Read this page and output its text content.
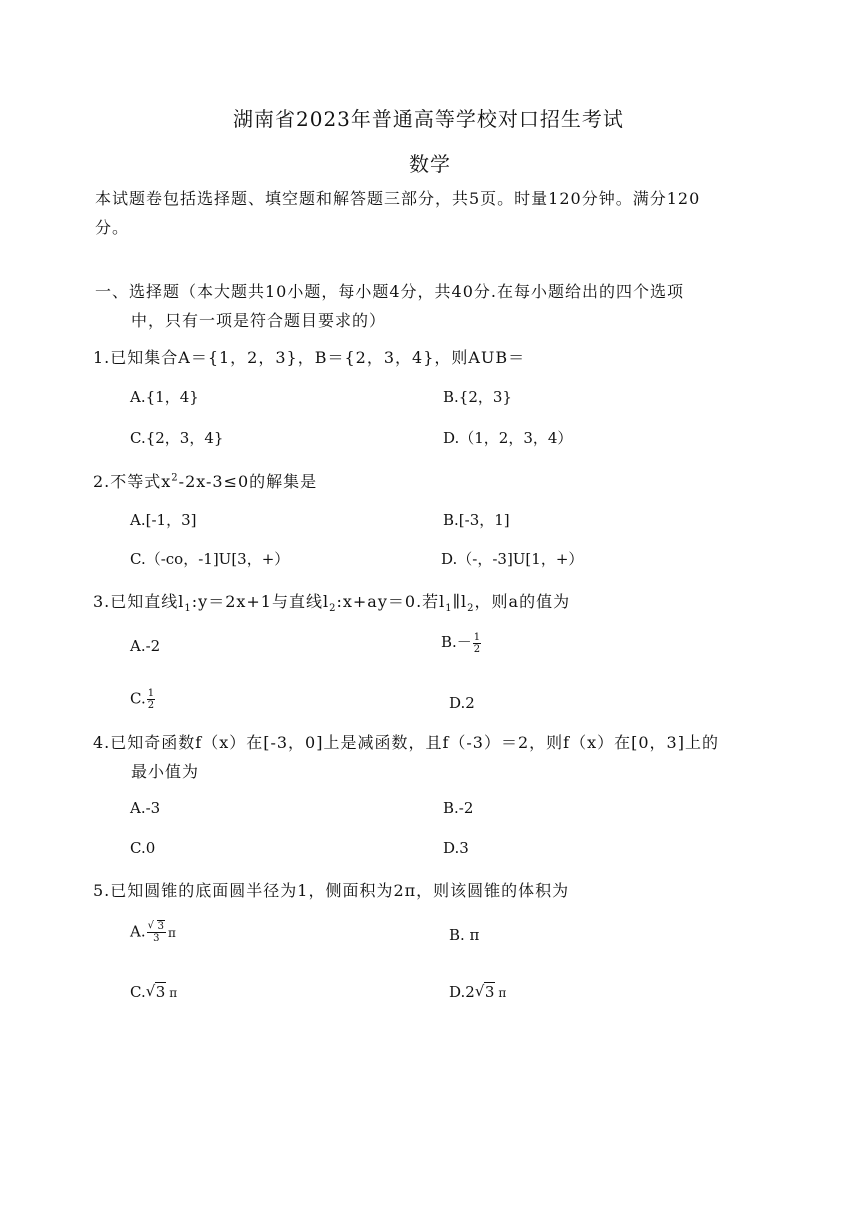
湖南省2023年普通高等学校对口招生考试
数学
本试题卷包括选择题、填空题和解答题三部分，共5页。时量120分钟。满分120
分。
一、选择题（本大题共10小题，每小题4分，共40分.在每小题给出的四个选项
中，只有一项是符合题目要求的）
1.已知集合A＝{1，2，3}，B＝{2，3，4}，则AUB＝
A.{1，4}	B.{2，3}
C.{2，3，4}	D.（1，2，3，4）
2.不等式$x^2-2x-3\le 0$的解集是
A.[-1，3]	B.[-3，1]
C.（-co，-1]U[3，+）	D.（-，-3]U[1，+）
3.已知直线$l_1:y=2x+1$与直线$l_2:x+ay=0$.若$l_1\parallel l_2$，则a的值为
A.-2	$B.- \frac{1}{2}$
C. $\frac{1}{2}$	D.2
4.已知奇函数f（x）在[-3，0]上是减函数，且f（-3）＝2，则f（x）在[0，3]上的
最小值为
A.-3	B.-2
C.0	D.3
5.已知圆锥的底面圆半径为1，侧面积为2π，则该圆锥的体积为
A. √ $\frac{3}{3}$ π	B. π
C. √ 3 π	D.2 √ 3 π
